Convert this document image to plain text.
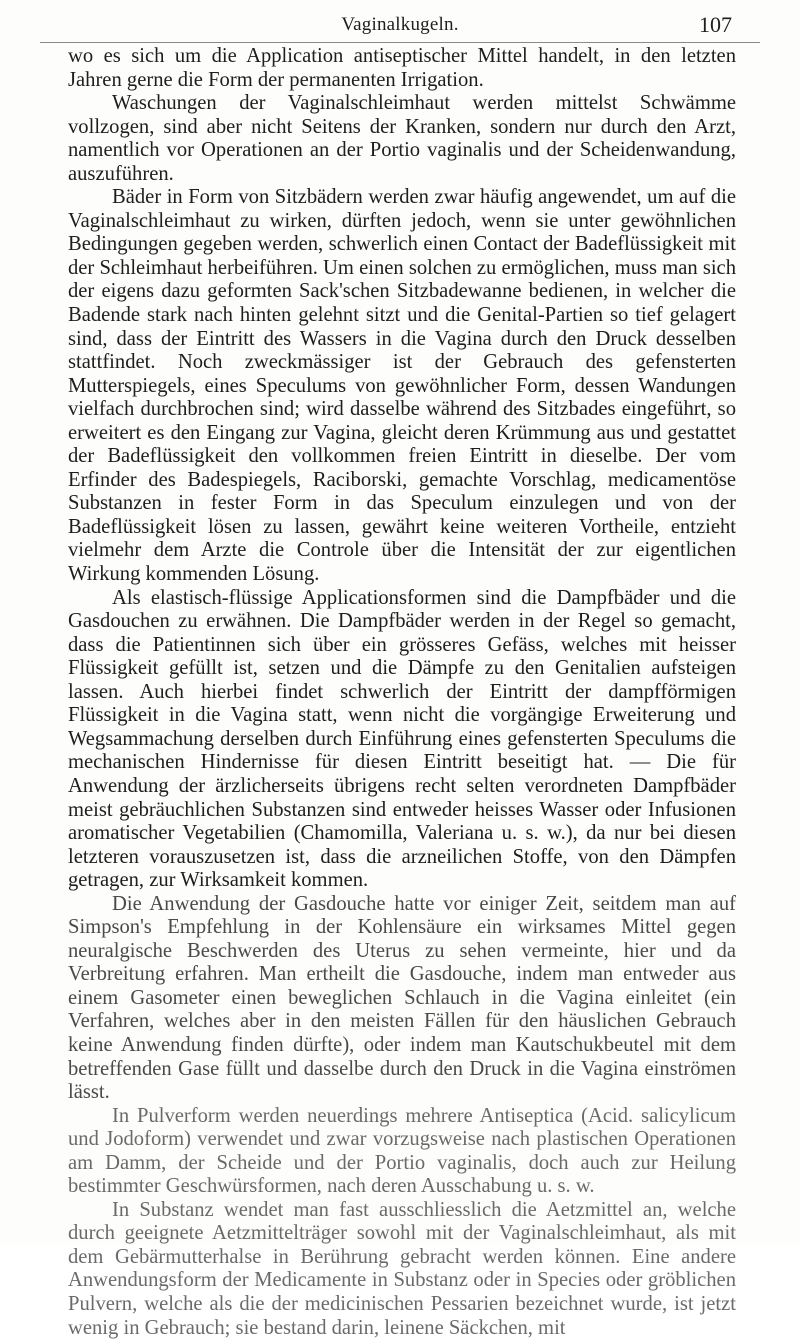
Vaginalkugeln.	107

wo es sich um die Application antiseptischer Mittel handelt, in den letzten Jahren gerne die Form der permanenten Irrigation.

Waschungen der Vaginalschleimhaut werden mittelst Schwämme vollzogen, sind aber nicht Seitens der Kranken, sondern nur durch den Arzt, namentlich vor Operationen an der Portio vaginalis und der Scheidenwandung, auszuführen.

Bäder in Form von Sitzbädern werden zwar häufig angewendet, um auf die Vaginalschleimhaut zu wirken, dürften jedoch, wenn sie unter gewöhnlichen Bedingungen gegeben werden, schwerlich einen Contact der Badeflüssigkeit mit der Schleimhaut herbeiführen. Um einen solchen zu ermöglichen, muss man sich der eigens dazu geformten Sack'schen Sitzbadewanne bedienen, in welcher die Badende stark nach hinten gelehnt sitzt und die Genital-Partien so tief gelagert sind, dass der Eintritt des Wassers in die Vagina durch den Druck desselben stattfindet. Noch zweckmässiger ist der Gebrauch des gefensterten Mutterspiegels, eines Speculums von gewöhnlicher Form, dessen Wandungen vielfach durchbrochen sind; wird dasselbe während des Sitzbades eingeführt, so erweitert es den Eingang zur Vagina, gleicht deren Krümmung aus und gestattet der Badeflüssigkeit den vollkommen freien Eintritt in dieselbe. Der vom Erfinder des Badespiegels, Raciborski, gemachte Vorschlag, medicamentöse Substanzen in fester Form in das Speculum einzulegen und von der Badeflüssigkeit lösen zu lassen, gewährt keine weiteren Vortheile, entzieht vielmehr dem Arzte die Controle über die Intensität der zur eigentlichen Wirkung kommenden Lösung.

Als elastisch-flüssige Applicationsformen sind die Dampfbäder und die Gasdouchen zu erwähnen. Die Dampfbäder werden in der Regel so gemacht, dass die Patientinnen sich über ein grösseres Gefäss, welches mit heisser Flüssigkeit gefüllt ist, setzen und die Dämpfe zu den Genitalien aufsteigen lassen. Auch hierbei findet schwerlich der Eintritt der dampfförmigen Flüssigkeit in die Vagina statt, wenn nicht die vorgängige Erweiterung und Wegsammachung derselben durch Einführung eines gefensterten Speculums die mechanischen Hindernisse für diesen Eintritt beseitigt hat. — Die für Anwendung der ärzlicherseits übrigens recht selten verordneten Dampfbäder meist gebräuchlichen Substanzen sind entweder heisses Wasser oder Infusionen aromatischer Vegetabilien (Chamomilla, Valeriana u. s. w.), da nur bei diesen letzteren vorauszusetzen ist, dass die arzneilichen Stoffe, von den Dämpfen getragen, zur Wirksamkeit kommen.

Die Anwendung der Gasdouche hatte vor einiger Zeit, seitdem man auf Simpson's Empfehlung in der Kohlensäure ein wirksames Mittel gegen neuralgische Beschwerden des Uterus zu sehen vermeinte, hier und da Verbreitung erfahren. Man ertheilt die Gasdouche, indem man entweder aus einem Gasometer einen beweglichen Schlauch in die Vagina einleitet (ein Verfahren, welches aber in den meisten Fällen für den häuslichen Gebrauch keine Anwendung finden dürfte), oder indem man Kautschukbeutel mit dem betreffenden Gase füllt und dasselbe durch den Druck in die Vagina einströmen lässt.

In Pulverform werden neuerdings mehrere Antiseptica (Acid. salicylicum und Jodoform) verwendet und zwar vorzugsweise nach plastischen Operationen am Damm, der Scheide und der Portio vaginalis, doch auch zur Heilung bestimmter Geschwürsformen, nach deren Ausschabung u. s. w.

In Substanz wendet man fast ausschliesslich die Aetzmittel an, welche durch geeignete Aetzmittelträger sowohl mit der Vaginalschleimhaut, als mit dem Gebärmutterhalse in Berührung gebracht werden können. Eine andere Anwendungsform der Medicamente in Substanz oder in Species oder gröblichen Pulvern, welche als die der medicinischen Pessarien bezeichnet wurde, ist jetzt wenig in Gebrauch; sie bestand darin, leinene Säckchen, mit
